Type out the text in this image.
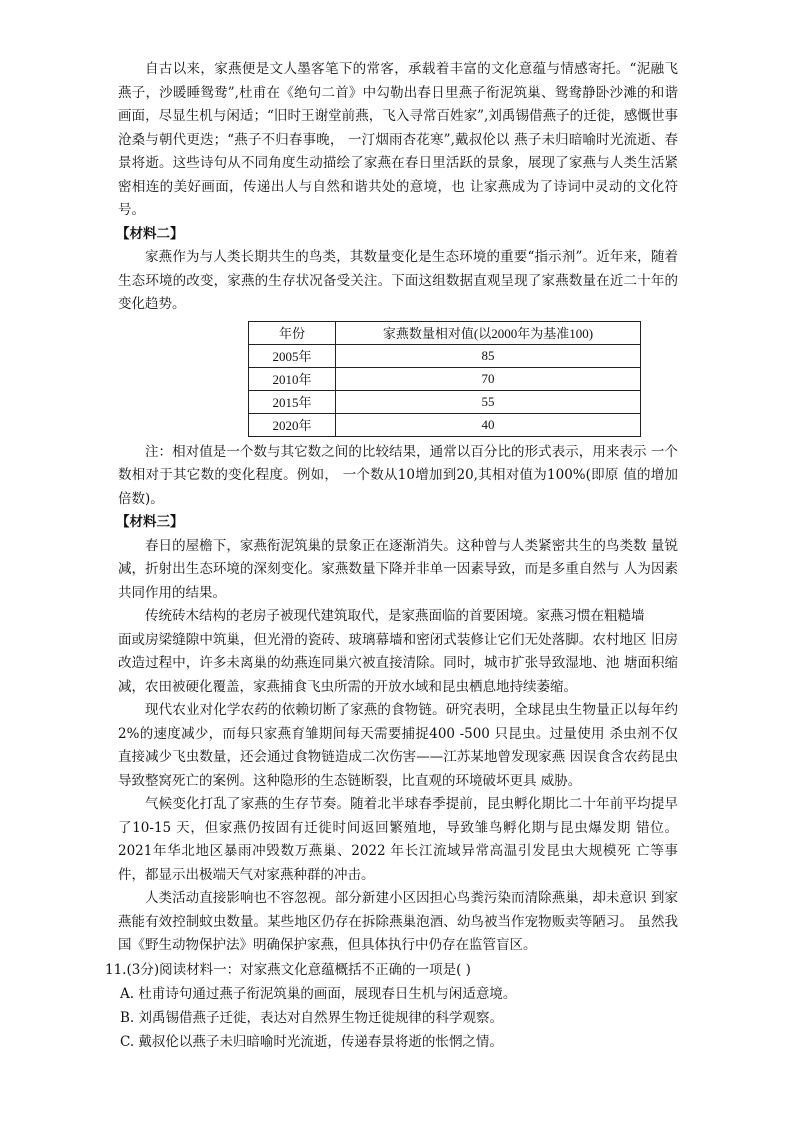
自古以来，家燕便是文人墨客笔下的常客，承载着丰富的文化意蕴与情感寄托。“泥融飞燕子，沙暖睡鸳鸯”,杜甫在《绝句二首》中勾勒出春日里燕子衔泥筑巢、鸳鸯静卧沙滩的和谐画面，尽显生机与闲适；“旧时王谢堂前燕，飞入寻常百姓家”,刘禹锡借燕子的迁徙，感慨世事沧桑与朝代更迭；“燕子不归春事晚， 一汀烟雨杏花寒”,戴叔伦以 燕子未归暗喻时光流逝、春景将逝。这些诗句从不同角度生动描绘了家燕在春日里活跃的景象，展现了家燕与人类生活紧密相连的美好画面，传递出人与自然和谐共处的意境，也 让家燕成为了诗词中灵动的文化符号。

【材料二】

家燕作为与人类长期共生的鸟类，其数量变化是生态环境的重要“指示剂”。近年来，随着生态环境的改变，家燕的生存状况备受关注。下面这组数据直观呈现了家燕数量在近二十年的变化趋势。

年份	家燕数量相对值(以2000年为基准100)
2005年	85
2010年	70
2015年	55
2020年	40

注：相对值是一个数与其它数之间的比较结果，通常以百分比的形式表示，用来表示 一个数相对于其它数的变化程度。例如， 一个数从10增加到20,其相对值为100%(即原 值的增加倍数)。

【材料三】

春日的屋檐下，家燕衔泥筑巢的景象正在逐渐消失。这种曾与人类紧密共生的鸟类数 量锐减，折射出生态环境的深刻变化。家燕数量下降并非单一因素导致，而是多重自然与 人为因素共同作用的结果。

传统砖木结构的老房子被现代建筑取代，是家燕面临的首要困境。家燕习惯在粗糙墙

面或房梁缝隙中筑巢，但光滑的瓷砖、玻璃幕墙和密闭式装修让它们无处落脚。农村地区 旧房改造过程中，许多未离巢的幼燕连同巢穴被直接清除。同时，城市扩张导致湿地、池 塘面积缩减，农田被硬化覆盖，家燕捕食飞虫所需的开放水域和昆虫栖息地持续萎缩。

现代农业对化学农药的依赖切断了家燕的食物链。研究表明，全球昆虫生物量正以每年约2%的速度减少，而每只家燕育雏期间每天需要捕捉400 -500 只昆虫。过量使用 杀虫剂不仅直接减少飞虫数量，还会通过食物链造成二次伤害——江苏某地曾发现家燕 因误食含农药昆虫导致整窝死亡的案例。这种隐形的生态链断裂，比直观的环境破坏更具 威胁。

气候变化打乱了家燕的生存节奏。随着北半球春季提前，昆虫孵化期比二十年前平均提早了10-15 天，但家燕仍按固有迁徙时间返回繁殖地，导致雏鸟孵化期与昆虫爆发期 错位。2021年华北地区暴雨冲毁数万燕巢、2022 年长江流域异常高温引发昆虫大规模死 亡等事件，都显示出极端天气对家燕种群的冲击。

人类活动直接影响也不容忽视。部分新建小区因担心鸟粪污染而清除燕巢，却未意识 到家燕能有效控制蚊虫数量。某些地区仍存在拆除燕巢泡酒、幼鸟被当作宠物贩卖等陋习。 虽然我国《野生动物保护法》明确保护家燕，但具体执行中仍存在监管盲区。

11.(3分)阅读材料一：对家燕文化意蕴概括不正确的一项是( )
A. 杜甫诗句通过燕子衔泥筑巢的画面，展现春日生机与闲适意境。
B. 刘禹锡借燕子迁徙，表达对自然界生物迁徙规律的科学观察。
C. 戴叔伦以燕子未归暗喻时光流逝，传递春景将逝的怅惘之情。
